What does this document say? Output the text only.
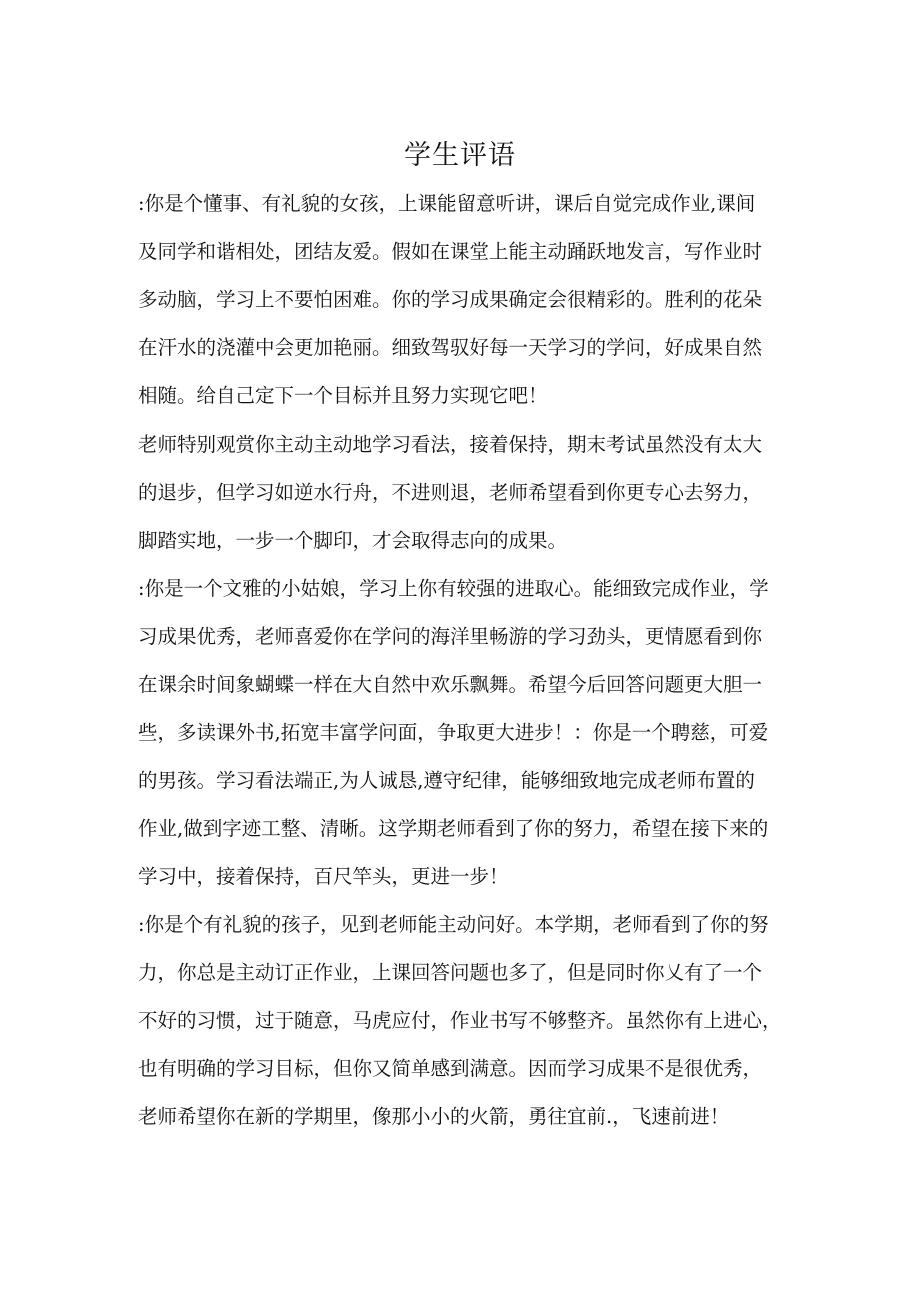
学生评语
:你是个懂事、有礼貌的女孩，上课能留意听讲，课后自觉完成作业,课间
及同学和谐相处，团结友爱。假如在课堂上能主动踊跃地发言，写作业时
多动脑，学习上不要怕困难。你的学习成果确定会很精彩的。胜利的花朵
在汗水的浇灌中会更加艳丽。细致驾驭好每一天学习的学问，好成果自然
相随。给自己定下一个目标并且努力实现它吧！
老师特别观赏你主动主动地学习看法，接着保持，期末考试虽然没有太大
的退步，但学习如逆水行舟，不进则退，老师希望看到你更专心去努力，
脚踏实地，一步一个脚印，才会取得志向的成果。
:你是一个文雅的小姑娘，学习上你有较强的进取心。能细致完成作业，学
习成果优秀，老师喜爱你在学问的海洋里畅游的学习劲头，更情愿看到你
在课余时间象蝴蝶一样在大自然中欢乐飘舞。希望今后回答问题更大胆一
些，多读课外书,拓宽丰富学问面，争取更大进步！：你是一个聘慈，可爱
的男孩。学习看法端正,为人诚恳,遵守纪律，能够细致地完成老师布置的
作业,做到字迹工整、清晰。这学期老师看到了你的努力，希望在接下来的
学习中，接着保持，百尺竿头，更进一步！
:你是个有礼貌的孩子，见到老师能主动问好。本学期，老师看到了你的努
力，你总是主动订正作业，上课回答问题也多了，但是同时你乂有了一个
不好的习惯，过于随意，马虎应付，作业书写不够整齐。虽然你有上进心，
也有明确的学习目标，但你又简单感到满意。因而学习成果不是很优秀，
老师希望你在新的学期里，像那小小的火箭，勇往宜前.，飞速前进！
